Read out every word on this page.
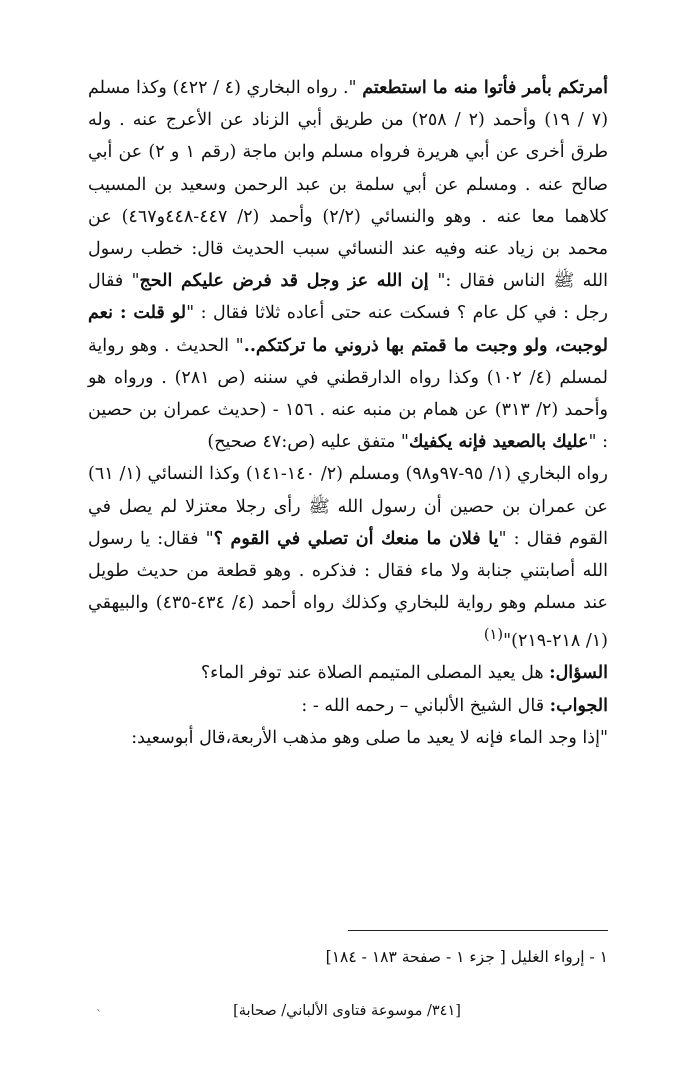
أمرتكم بأمر فأتوا منه ما استطعتم ". رواه البخاري (٤ / ٤٢٢) وكذا مسلم (٧ / ١٩) وأحمد (٢ / ٢٥٨) من طريق أبي الزناد عن الأعرج عنه . وله طرق أخرى عن أبي هريرة فرواه مسلم وابن ماجة (رقم ١ و ٢) عن أبي صالح عنه . ومسلم عن أبي سلمة بن عبد الرحمن وسعيد بن المسيب كلاهما معا عنه . وهو والنسائي (٢/٢) وأحمد (٢/ ٤٤٧-٤٤٨و٤٦٧) عن محمد بن زياد عنه وفيه عند النسائي سبب الحديث قال: خطب رسول الله ﷺ الناس فقال :" إن الله عز وجل قد فرض عليكم الحج" فقال رجل : في كل عام ؟ فسكت عنه حتى أعاده ثلاثا فقال : "لو قلت : نعم لوجبت، ولو وجبت ما قمتم بها ذروني ما تركتكم.." الحديث . وهو رواية لمسلم (٤/ ١٠٢) وكذا رواه الدارقطني في سننه (ص ٢٨١) . ورواه هو وأحمد (٢/ ٣١٣) عن همام بن منبه عنه . ١٥٦ - (حديث عمران بن حصين : "عليك بالصعيد فإنه يكفيك" متفق عليه (ص:٤٧ صحيح)

رواه البخاري (١/ ٩٥-٩٧و٩٨) ومسلم (٢/ ١٤٠-١٤١) وكذا النسائي (١/ ٦١) عن عمران بن حصين أن رسول الله ﷺ رأى رجلا معتزلا لم يصل في القوم فقال : "يا فلان ما منعك أن تصلي في القوم ؟" فقال: يا رسول الله أصابتني جنابة ولا ماء فقال : فذكره . وهو قطعة من حديث طويل عند مسلم وهو رواية للبخاري وكذلك رواه أحمد (٤/ ٤٣٤-٤٣٥) والبيهقي (١/ ٢١٨-٢١٩)"$^{(١)}$

السؤال: هل يعيد المصلى المتيمم الصلاة عند توفر الماء؟

الجواب: قال الشيخ الألباني – رحمه الله - :

"إذا وجد الماء فإنه لا يعيد ما صلى وهو مذهب الأربعة،قال أبوسعيد:

١ - إرواء الغليل [ جزء ١ - صفحة ١٨٣ - ١٨٤]
[٣٤١/ موسوعة فتاوى الألباني/ صحابة]
`
